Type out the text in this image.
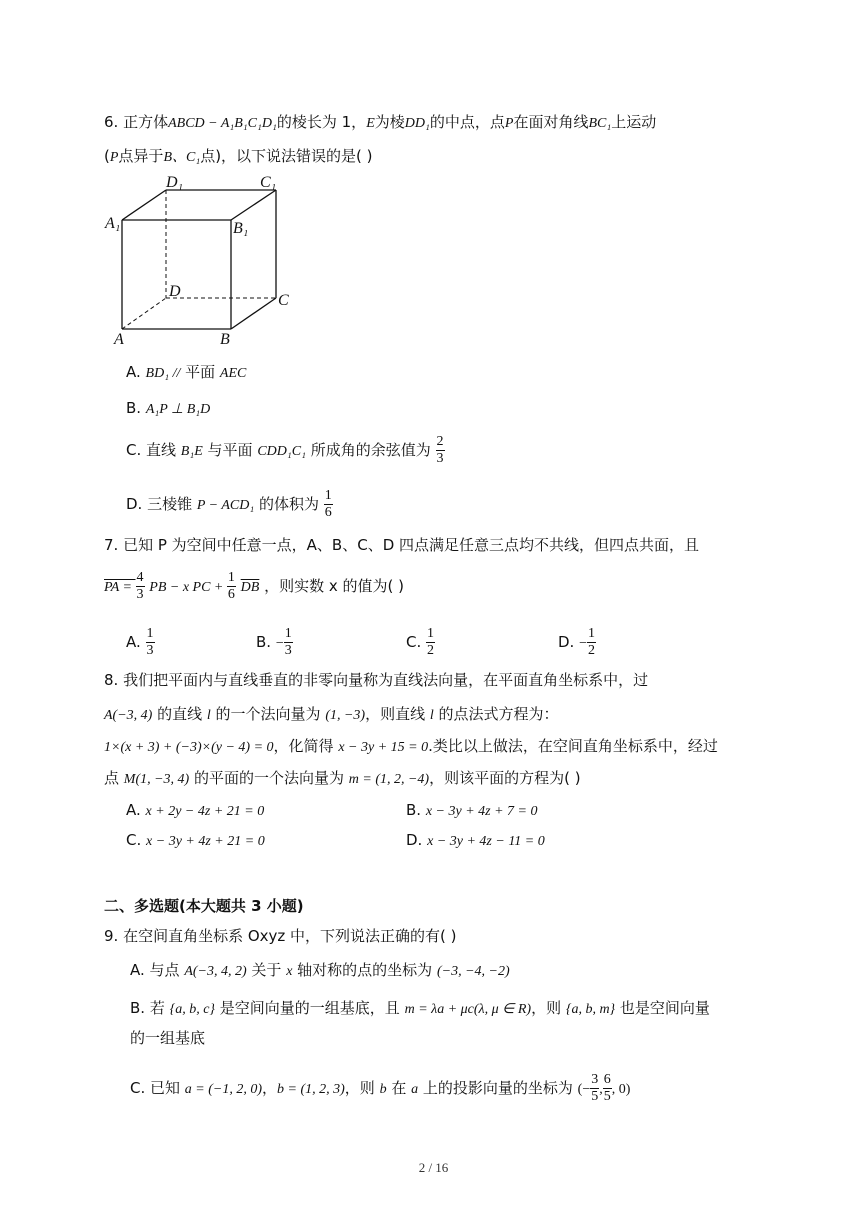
6. 正方体ABCD − A₁B₁C₁D₁的棱长为 1，E为棱DD₁的中点，点P在面对角线BC₁上运动
(P点异于B、C₁点)，以下说法错误的是( )
D₁	C₁
A₁	B₁
D
C
A	B
A. BD₁ // 平面 AEC
B. A₁P ⊥ B₁D
C. 直线 B₁E 与平面 CDD₁C₁ 所成角的余弦值为 $\frac{2}{3}$
D. 三棱锥 P − ACD₁ 的体积为 $\frac{1}{6}$
7. 已知 P 为空间中任意一点，A、B、C、D 四点满足任意三点均不共线，但四点共面，且
PA = $\frac{4}{3}$ PB − x PC + $\frac{1}{6} \overline{DB}$ ，则实数 x 的值为( )
A. $\frac{1}{3}$	B. − $\frac{1}{3}$	C. $\frac{1}{2}$	D. − $\frac{1}{2}$
8. 我们把平面内与直线垂直的非零向量称为直线法向量，在平面直角坐标系中，过
A(−3, 4) 的直线 l 的一个法向量为 (1, −3)，则直线 l 的点法式方程为：
1×(x + 3) + (−3)×(y − 4) = 0，化简得 x − 3y + 15 = 0.类比以上做法，在空间直角坐标系中，经过
点 M(1, −3, 4) 的平面的一个法向量为 m = (1, 2, −4)，则该平面的方程为( )
A. x + 2y − 4z + 21 = 0	B. x − 3y + 4z + 7 = 0
C. x − 3y + 4z + 21 = 0	D. x − 3y + 4z − 11 = 0
二、多选题(本大题共 3 小题)
9. 在空间直角坐标系 Oxyz 中，下列说法正确的有( )
A. 与点 A(−3, 4, 2) 关于 x 轴对称的点的坐标为 (−3, −4, −2)
B. 若 {a, b, c} 是空间向量的一组基底，且 m = λa + μc(λ, μ ∈ R)，则 {a, b, m} 也是空间向量
的一组基底
C. 已知 a = (−1, 2, 0)，b = (1, 2, 3)，则 b 在 a 上的投影向量的坐标为 (− $\frac{3}{5}$ , $\frac{6}{5}$ , 0)
2 / 16
